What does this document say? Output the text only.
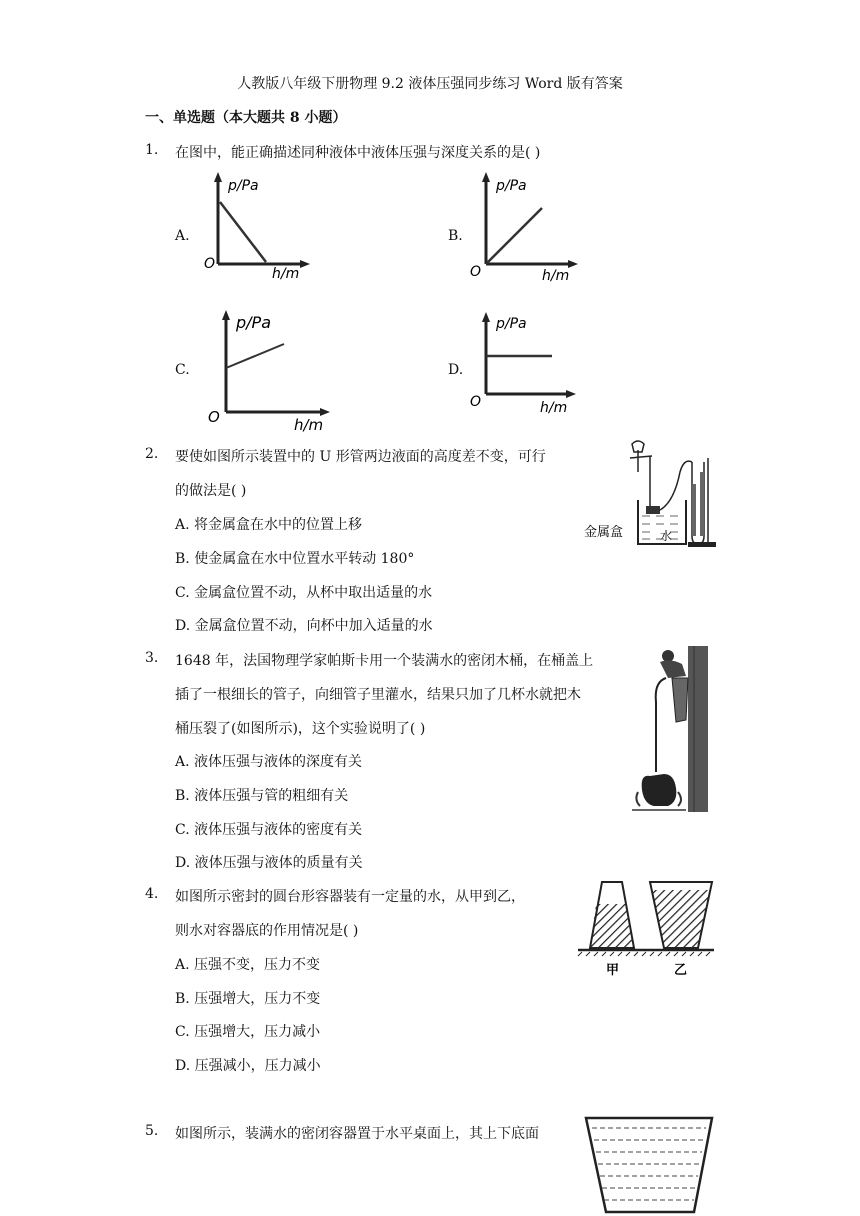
人教版八年级下册物理 9.2 液体压强同步练习 Word 版有答案
一、单选题（本大题共 8 小题）
1. 在图中，能正确描述同种液体中液体压强与深度关系的是( )
A.	B.
C.	D.
p/Pa
h/m
O
p/Pa
h/m
O
p/Pa
h/m
O
p/Pa
h/m
O
2. 要使如图所示装置中的 U 形管两边液面的高度差不变，可行
的做法是( )
A. 将金属盒在水中的位置上移
B. 使金属盒在水中位置水平转动 180°
C. 金属盒位置不动，从杯中取出适量的水
D. 金属盒位置不动，向杯中加入适量的水
金属盒	水
3. 1648 年，法国物理学家帕斯卡用一个装满水的密闭木桶，在桶盖上
插了一根细长的管子，向细管子里灌水，结果只加了几杯水就把木
桶压裂了(如图所示)，这个实验说明了( )
A. 液体压强与液体的深度有关
B. 液体压强与管的粗细有关
C. 液体压强与液体的密度有关
D. 液体压强与液体的质量有关
4. 如图所示密封的圆台形容器装有一定量的水，从甲到乙，
则水对容器底的作用情况是( )
A. 压强不变，压力不变
B. 压强增大，压力不变
C. 压强增大，压力减小
D. 压强减小，压力减小
甲	乙
5. 如图所示，装满水的密闭容器置于水平桌面上，其上下底面
